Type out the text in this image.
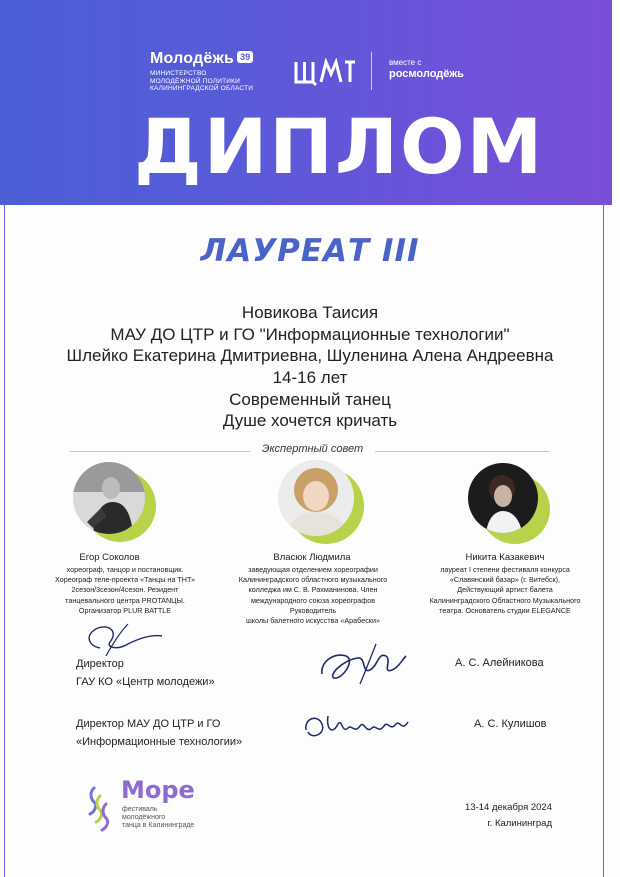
Молодёжь 39
МИНИСТЕРСТВО
МОЛОДЁЖНОЙ ПОЛИТИКИ
КАЛИНИНГРАДСКОЙ ОБЛАСТИ
вместе с
росмолодёжь
ДИПЛОМ
ЛАУРЕАТ III
Новикова Таисия
МАУ ДО ЦТР и ГО "Информационные технологии"
Шлейко Екатерина Дмитриевна, Шуленина Алена Андреевна
14-16 лет
Современный танец
Душе хочется кричать
Экспертный совет
Егор Соколов
хореограф, танцор и постановщик.
Хореограф теле-проекта «Танцы на ТНТ»
2сезон/3сезон/4сезон. Резидент
танцевального центра PROTANЦЫ.
Организатор PLUR BATTLE
Власюк Людмила
заведующая отделением хореографии
Калининградского областного музыкального
колледжа им С. В. Рахманинова. Член
международного союза хореографов Руководитель
школы балетного искусства «Арабески»
Никита Казакевич
лауреат I степени фестиваля конкурса
«Славянский базар» (г. Витебск),
Действующий артист балета
Калининградского Областного Музыкального
театра. Основатель студии ELEGANCE
Директор
ГАУ КО «Центр молодежи»
А. С. Алейникова
Директор МАУ ДО ЦТР и ГО
«Информационные технологии»
А. С. Кулишов
Море
фестиваль
молодёжного
танца в Калининграде
13-14 декабря 2024
г. Калининград
